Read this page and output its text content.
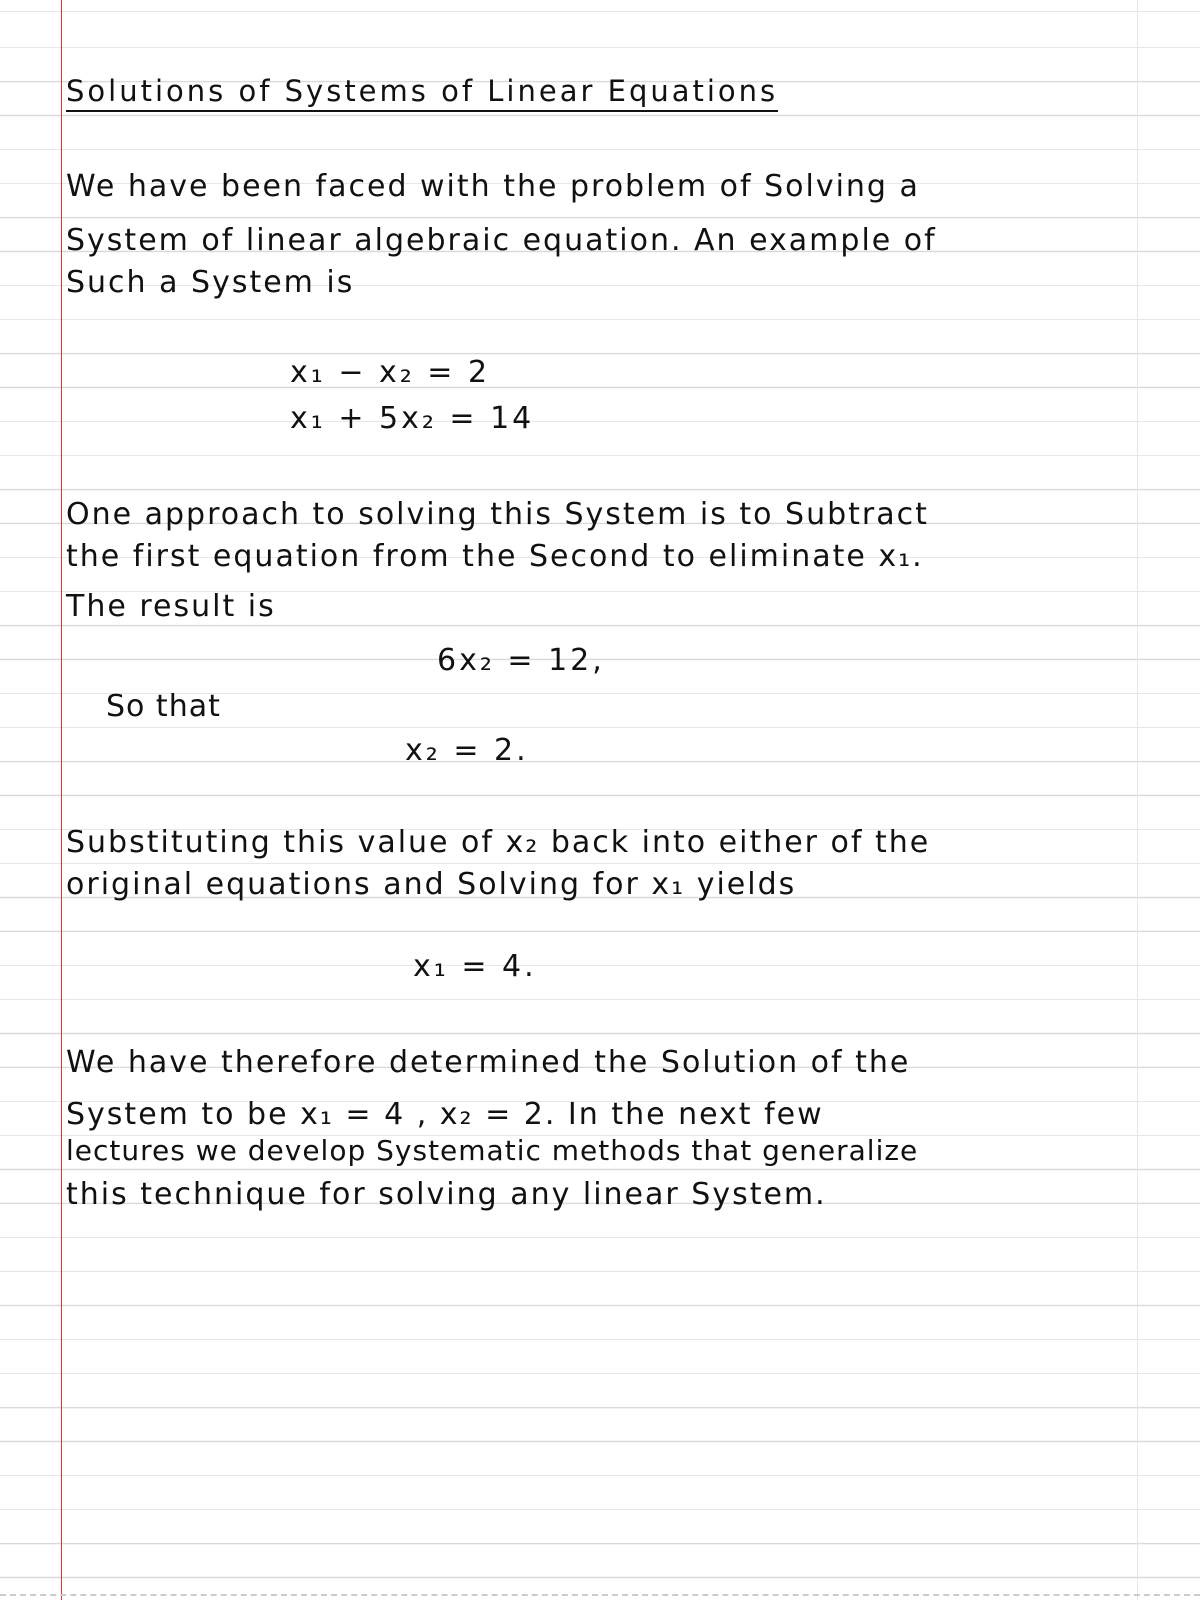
Solutions of Systems of Linear Equations
We have been faced with the problem of Solving a
System of linear algebraic equation. An example of
Such a System is
x₁ − x₂ = 2
x₁ + 5x₂ = 14
One approach to solving this System is to Subtract
the first equation from the Second to eliminate x₁.
The result is
6x₂ = 12,
So that
x₂ = 2.
Substituting this value of x₂ back into either of the
original equations and Solving for x₁ yields
x₁ = 4.
We have therefore determined the Solution of the
System to be x₁ = 4 , x₂ = 2. In the next few
lectures we develop Systematic methods that generalize
this technique for solving any linear System.
